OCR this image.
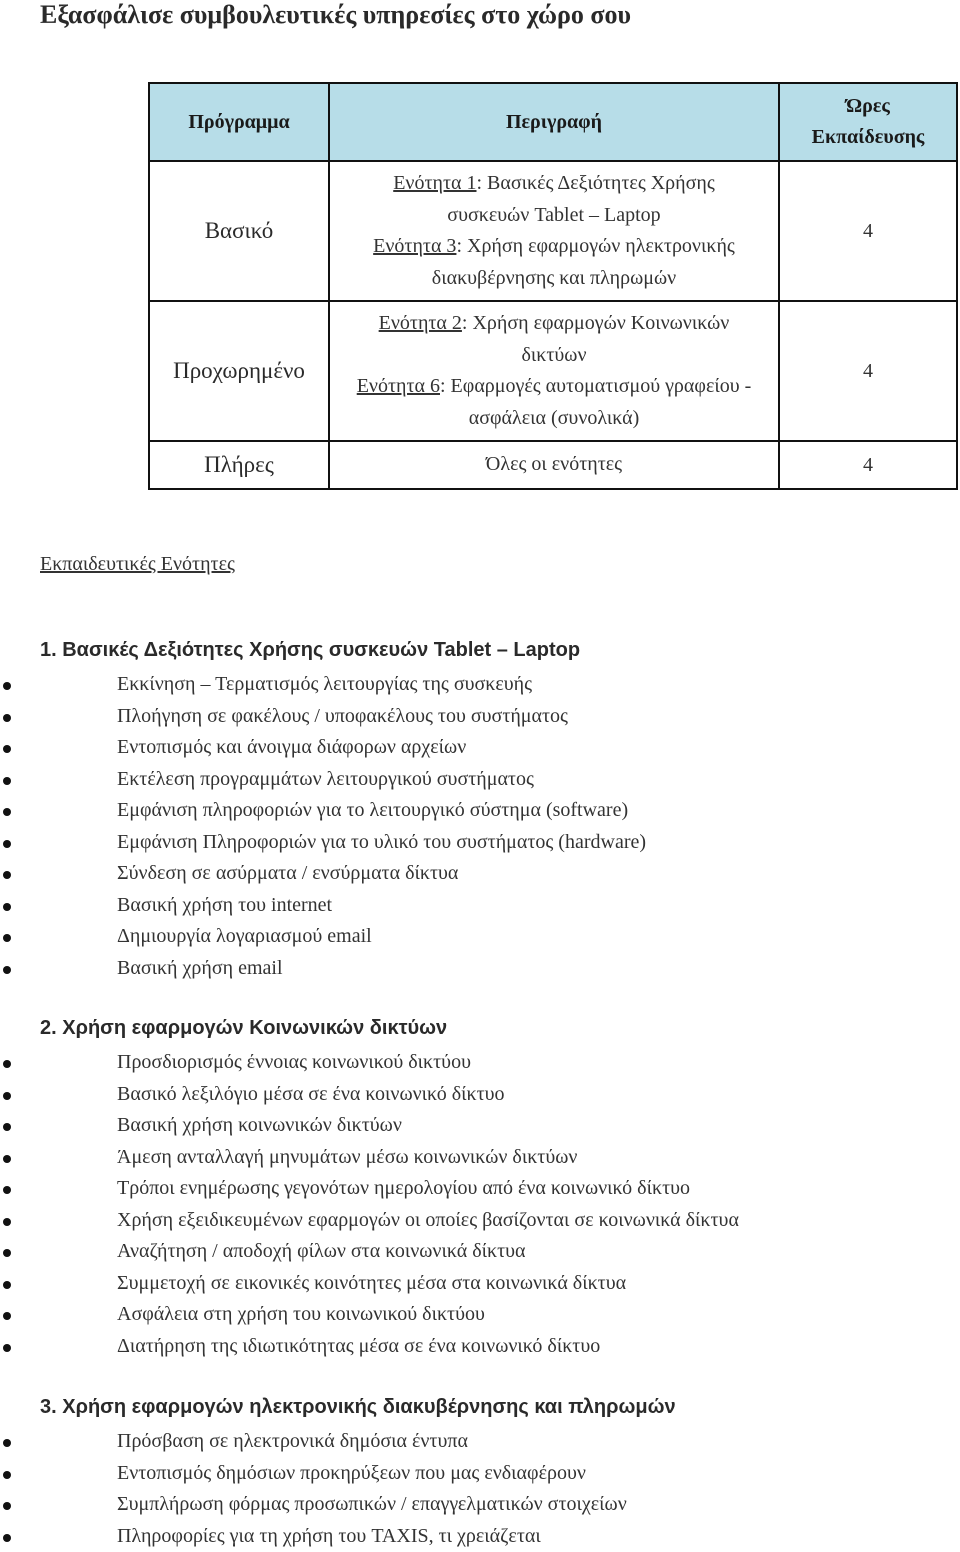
Εξασφάλισε συμβουλευτικές υπηρεσίες στο χώρο σου
Πρόγραμμα	Περιγραφή	Ώρες Εκπαίδευσης

Βασικό	Ενότητα 1: Βασικές Δεξιότητες Χρήσης
συσκευών Tablet – Laptop
Ενότητα 3: Χρήση εφαρμογών ηλεκτρονικής
διακυβέρνησης και πληρωμών	4
Προχωρημένο	Ενότητα 2: Χρήση εφαρμογών Κοινωνικών
δικτύων
Ενότητα 6: Εφαρμογές αυτοματισμού γραφείου -
ασφάλεια (συνολικά)	4
Πλήρες	Όλες οι ενότητες	4
Εκπαιδευτικές Ενότητες
1. Βασικές Δεξιότητες Χρήσης συσκευών Tablet – Laptop
Εκκίνηση – Τερματισμός λειτουργίας της συσκευής
Πλοήγηση σε φακέλους / υποφακέλους του συστήματος
Εντοπισμός και άνοιγμα διάφορων αρχείων
Εκτέλεση προγραμμάτων λειτουργικού συστήματος
Εμφάνιση πληροφοριών για το λειτουργικό σύστημα (software)
Εμφάνιση Πληροφοριών για το υλικό του συστήματος (hardware)
Σύνδεση σε ασύρματα / ενσύρματα δίκτυα
Βασική χρήση του internet
Δημιουργία λογαριασμού email
Βασική χρήση email
2. Χρήση εφαρμογών Κοινωνικών δικτύων
Προσδιορισμός έννοιας κοινωνικού δικτύου
Βασικό λεξιλόγιο μέσα σε ένα κοινωνικό δίκτυο
Βασική χρήση κοινωνικών δικτύων
Άμεση ανταλλαγή μηνυμάτων μέσω κοινωνικών δικτύων
Τρόποι ενημέρωσης γεγονότων ημερολογίου από ένα κοινωνικό δίκτυο
Χρήση εξειδικευμένων εφαρμογών οι οποίες βασίζονται σε κοινωνικά δίκτυα
Αναζήτηση / αποδοχή φίλων στα κοινωνικά δίκτυα
Συμμετοχή σε εικονικές κοινότητες μέσα στα κοινωνικά δίκτυα
Ασφάλεια στη χρήση του κοινωνικού δικτύου
Διατήρηση της ιδιωτικότητας μέσα σε ένα κοινωνικό δίκτυο
3. Χρήση εφαρμογών ηλεκτρονικής διακυβέρνησης και πληρωμών
Πρόσβαση σε ηλεκτρονικά δημόσια έντυπα
Εντοπισμός δημόσιων προκηρύξεων που μας ενδιαφέρουν
Συμπλήρωση φόρμας προσωπικών / επαγγελματικών στοιχείων
Πληροφορίες για τη χρήση του TAXIS, τι χρειάζεται
